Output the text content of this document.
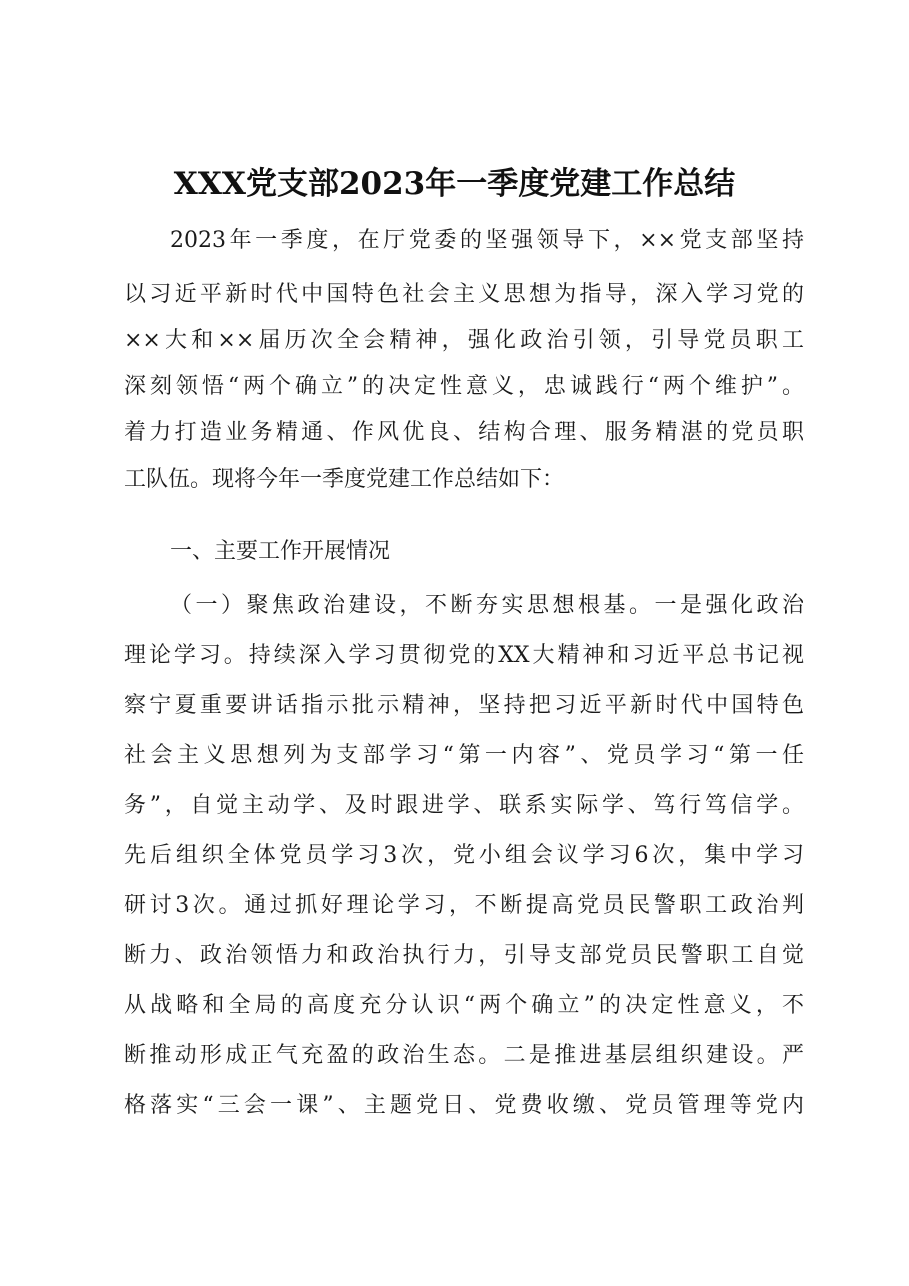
XXX党支部2023年一季度党建工作总结
2023年一季度，在厅党委的坚强领导下，××党支部坚持
以习近平新时代中国特色社会主义思想为指导，深入学习党的
××大和××届历次全会精神，强化政治引领，引导党员职工
深刻领悟“两个确立”的决定性意义，忠诚践行“两个维护”。
着力打造业务精通、作风优良、结构合理、服务精湛的党员职
工队伍。现将今年一季度党建工作总结如下：
一、主要工作开展情况
（一）聚焦政治建设，不断夯实思想根基。一是强化政治
理论学习。持续深入学习贯彻党的XX大精神和习近平总书记视
察宁夏重要讲话指示批示精神，坚持把习近平新时代中国特色
社会主义思想列为支部学习“第一内容”、党员学习“第一任
务”，自觉主动学、及时跟进学、联系实际学、笃行笃信学。
先后组织全体党员学习3次，党小组会议学习6次，集中学习
研讨3次。通过抓好理论学习，不断提高党员民警职工政治判
断力、政治领悟力和政治执行力，引导支部党员民警职工自觉
从战略和全局的高度充分认识“两个确立”的决定性意义，不
断推动形成正气充盈的政治生态。二是推进基层组织建设。严
格落实“三会一课”、主题党日、党费收缴、党员管理等党内
